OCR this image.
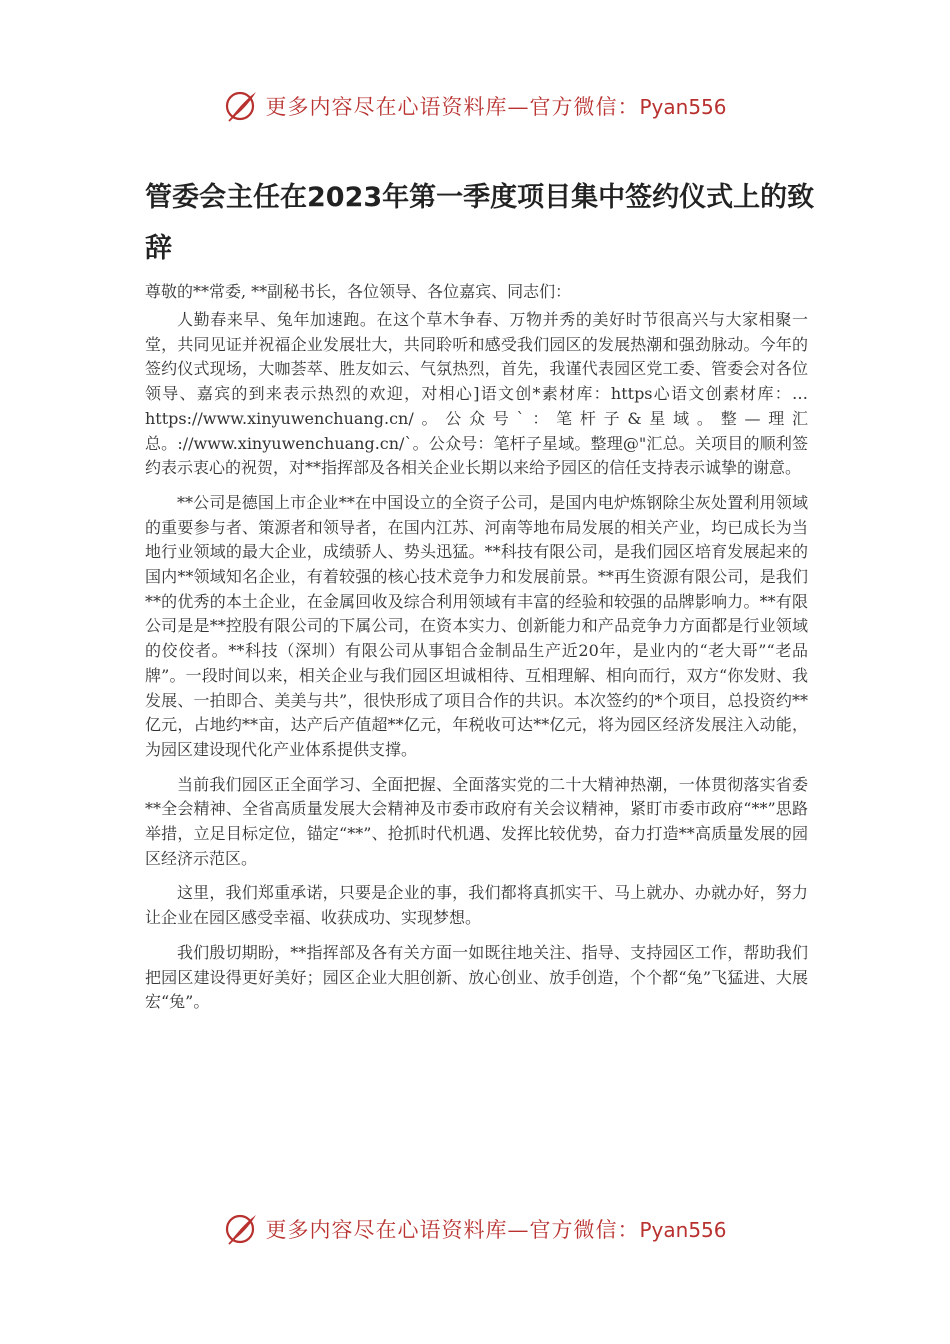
更多内容尽在心语资料库—官方微信：Pyan556
管委会主任在2023年第一季度项目集中签约仪式上的致辞

尊敬的**常委, **副秘书长，各位领导、各位嘉宾、同志们：

人勤春来早、兔年加速跑。在这个草木争春、万物并秀的美好时节很高兴与大家相聚一堂，共同见证并祝福企业发展壮大，共同聆听和感受我们园区的发展热潮和强劲脉动。今年的签约仪式现场，大咖荟萃、胜友如云、气氛热烈，首先，我谨代表园区党工委、管委会对各位领导、嘉宾的到来表示热烈的欢迎，对相心]语文创*素材库：https心语文创素材库：…https://www.xinyuwenchuang.cn/。公众号`：笔杆子&星域。整—理汇总。://www.xinyuwenchuang.cn/`。公众号：笔杆子星域。整理@"汇总。关项目的顺利签约表示衷心的祝贺，对**指挥部及各相关企业长期以来给予园区的信任支持表示诚挚的谢意。

**公司是德国上市企业**在中国设立的全资子公司，是国内电炉炼钢除尘灰处置利用领域的重要参与者、策源者和领导者，在国内江苏、河南等地布局发展的相关产业，均已成长为当地行业领域的最大企业，成绩骄人、势头迅猛。**科技有限公司，是我们园区培育发展起来的国内**领域知名企业，有着较强的核心技术竞争力和发展前景。**再生资源有限公司，是我们**的优秀的本土企业，在金属回收及综合利用领域有丰富的经验和较强的品牌影响力。**有限公司是是**控股有限公司的下属公司，在资本实力、创新能力和产品竞争力方面都是行业领域的佼佼者。**科技（深圳）有限公司从事铝合金制品生产近20年，是业内的“老大哥”“老品牌”。一段时间以来，相关企业与我们园区坦诚相待、互相理解、相向而行，双方“你发财、我发展、一拍即合、美美与共”，很快形成了项目合作的共识。本次签约的*个项目，总投资约**亿元，占地约**亩，达产后产值超**亿元，年税收可达**亿元，将为园区经济发展注入动能，为园区建设现代化产业体系提供支撑。

当前我们园区正全面学习、全面把握、全面落实党的二十大精神热潮，一体贯彻落实省委**全会精神、全省高质量发展大会精神及市委市政府有关会议精神，紧盯市委市政府“**”思路举措，立足目标定位，锚定“**”、抢抓时代机遇、发挥比较优势，奋力打造**高质量发展的园区经济示范区。

这里，我们郑重承诺，只要是企业的事，我们都将真抓实干、马上就办、办就办好，努力让企业在园区感受幸福、收获成功、实现梦想。

我们殷切期盼，**指挥部及各有关方面一如既往地关注、指导、支持园区工作，帮助我们把园区建设得更好美好；园区企业大胆创新、放心创业、放手创造，个个都“兔”飞猛进、大展宏“兔”。

更多内容尽在心语资料库—官方微信：Pyan556
